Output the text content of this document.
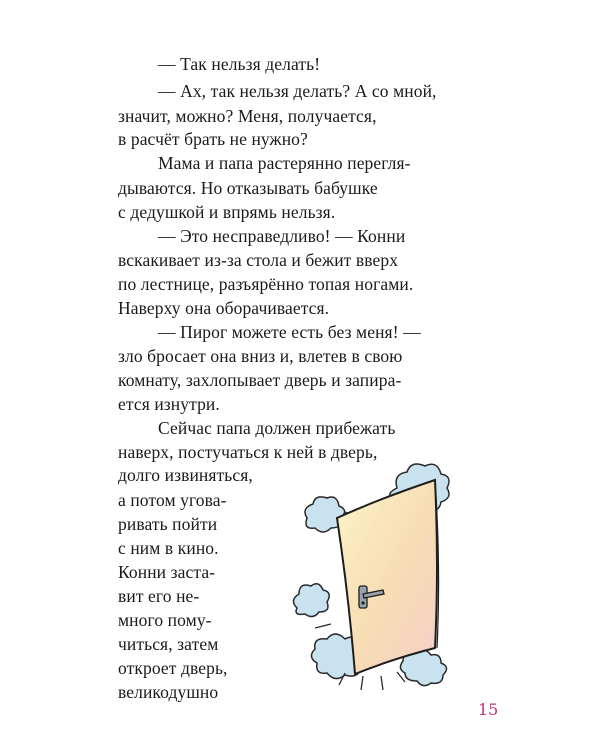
— Так нельзя делать!
— Ах, так нельзя делать? А со мной,
значит, можно? Меня, получается,
в расчёт брать не нужно?
Мама и папа растерянно перегля-
дываются. Но отказывать бабушке
с дедушкой и впрямь нельзя.
— Это несправедливо! — Конни
вскакивает из-за стола и бежит вверх
по лестнице, разъярённо топая ногами.
Наверху она оборачивается.
— Пирог можете есть без меня! —
зло бросает она вниз и, влетев в свою
комнату, захлопывает дверь и запира-
ется изнутри.
Сейчас папа должен прибежать
наверх, постучаться к ней в дверь,
долго извиняться,
а потом угова-
ривать пойти
с ним в кино.
Конни заста-
вит его не-
много пому-
читься, затем
откроет дверь,
великодушно
15
